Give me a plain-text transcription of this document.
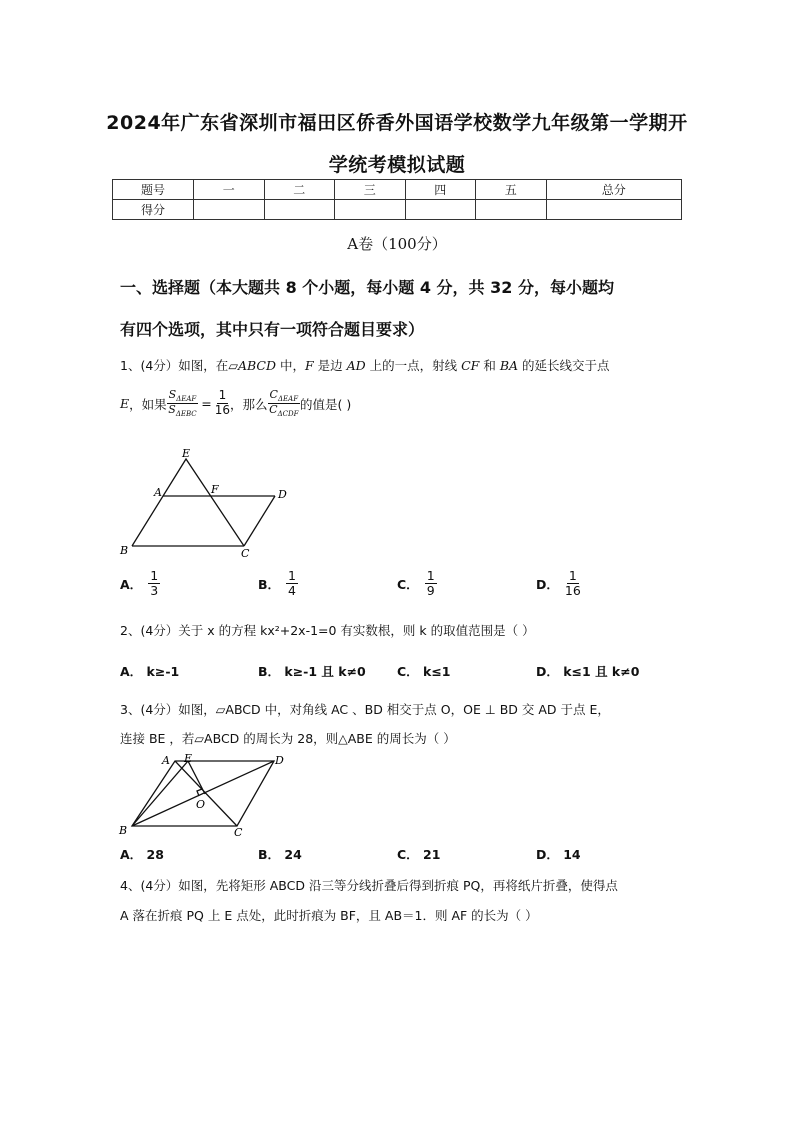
2024年广东省深圳市福田区侨香外国语学校数学九年级第一学期开
学统考模拟试题
题号	一	二	三	四	五	总分
得分						
A卷（100分）
一、选择题（本大题共 8 个小题，每小题 4 分，共 32 分，每小题均
有四个选项，其中只有一项符合题目要求）
1、(4分）如图，在▱ABCD 中，F 是边 AD 上的一点，射线 CF 和 BA 的延长线交于点
E ，如果 $\frac{S_{\Delta EAF}}{S_{\Delta EBC}} = \frac{1}{16}$ ，那么 $\frac{C_{\Delta EAF}}{C_{\Delta CDF}}$ 的值是( )
E
A	F	D
B	C
A． $\frac{1}{3}$	B． $\frac{1}{4}$	C． $\frac{1}{9}$	D． $\frac{1}{16}$
2、(4分）关于 x 的方程 kx²+2x-1=0 有实数根，则 k 的取值范围是（ ）
A． k≥-1	B． k≥-1 且 k≠0	C． k≤1	D． k≤1 且 k≠0
3、(4分）如图，▱ABCD 中，对角线 AC 、BD 相交于点 O，OE ⊥ BD 交 AD 于点 E，
连接 BE ，若▱ABCD 的周长为 28，则△ABE 的周长为（ ）
A E	D
O
B	C
A． 28	B． 24	C． 21	D． 14
4、(4分）如图，先将矩形 ABCD 沿三等分线折叠后得到折痕 PQ，再将纸片折叠，使得点
A 落在折痕 PQ 上 E 点处，此时折痕为 BF，且 AB＝1．则 AF 的长为（ ）
